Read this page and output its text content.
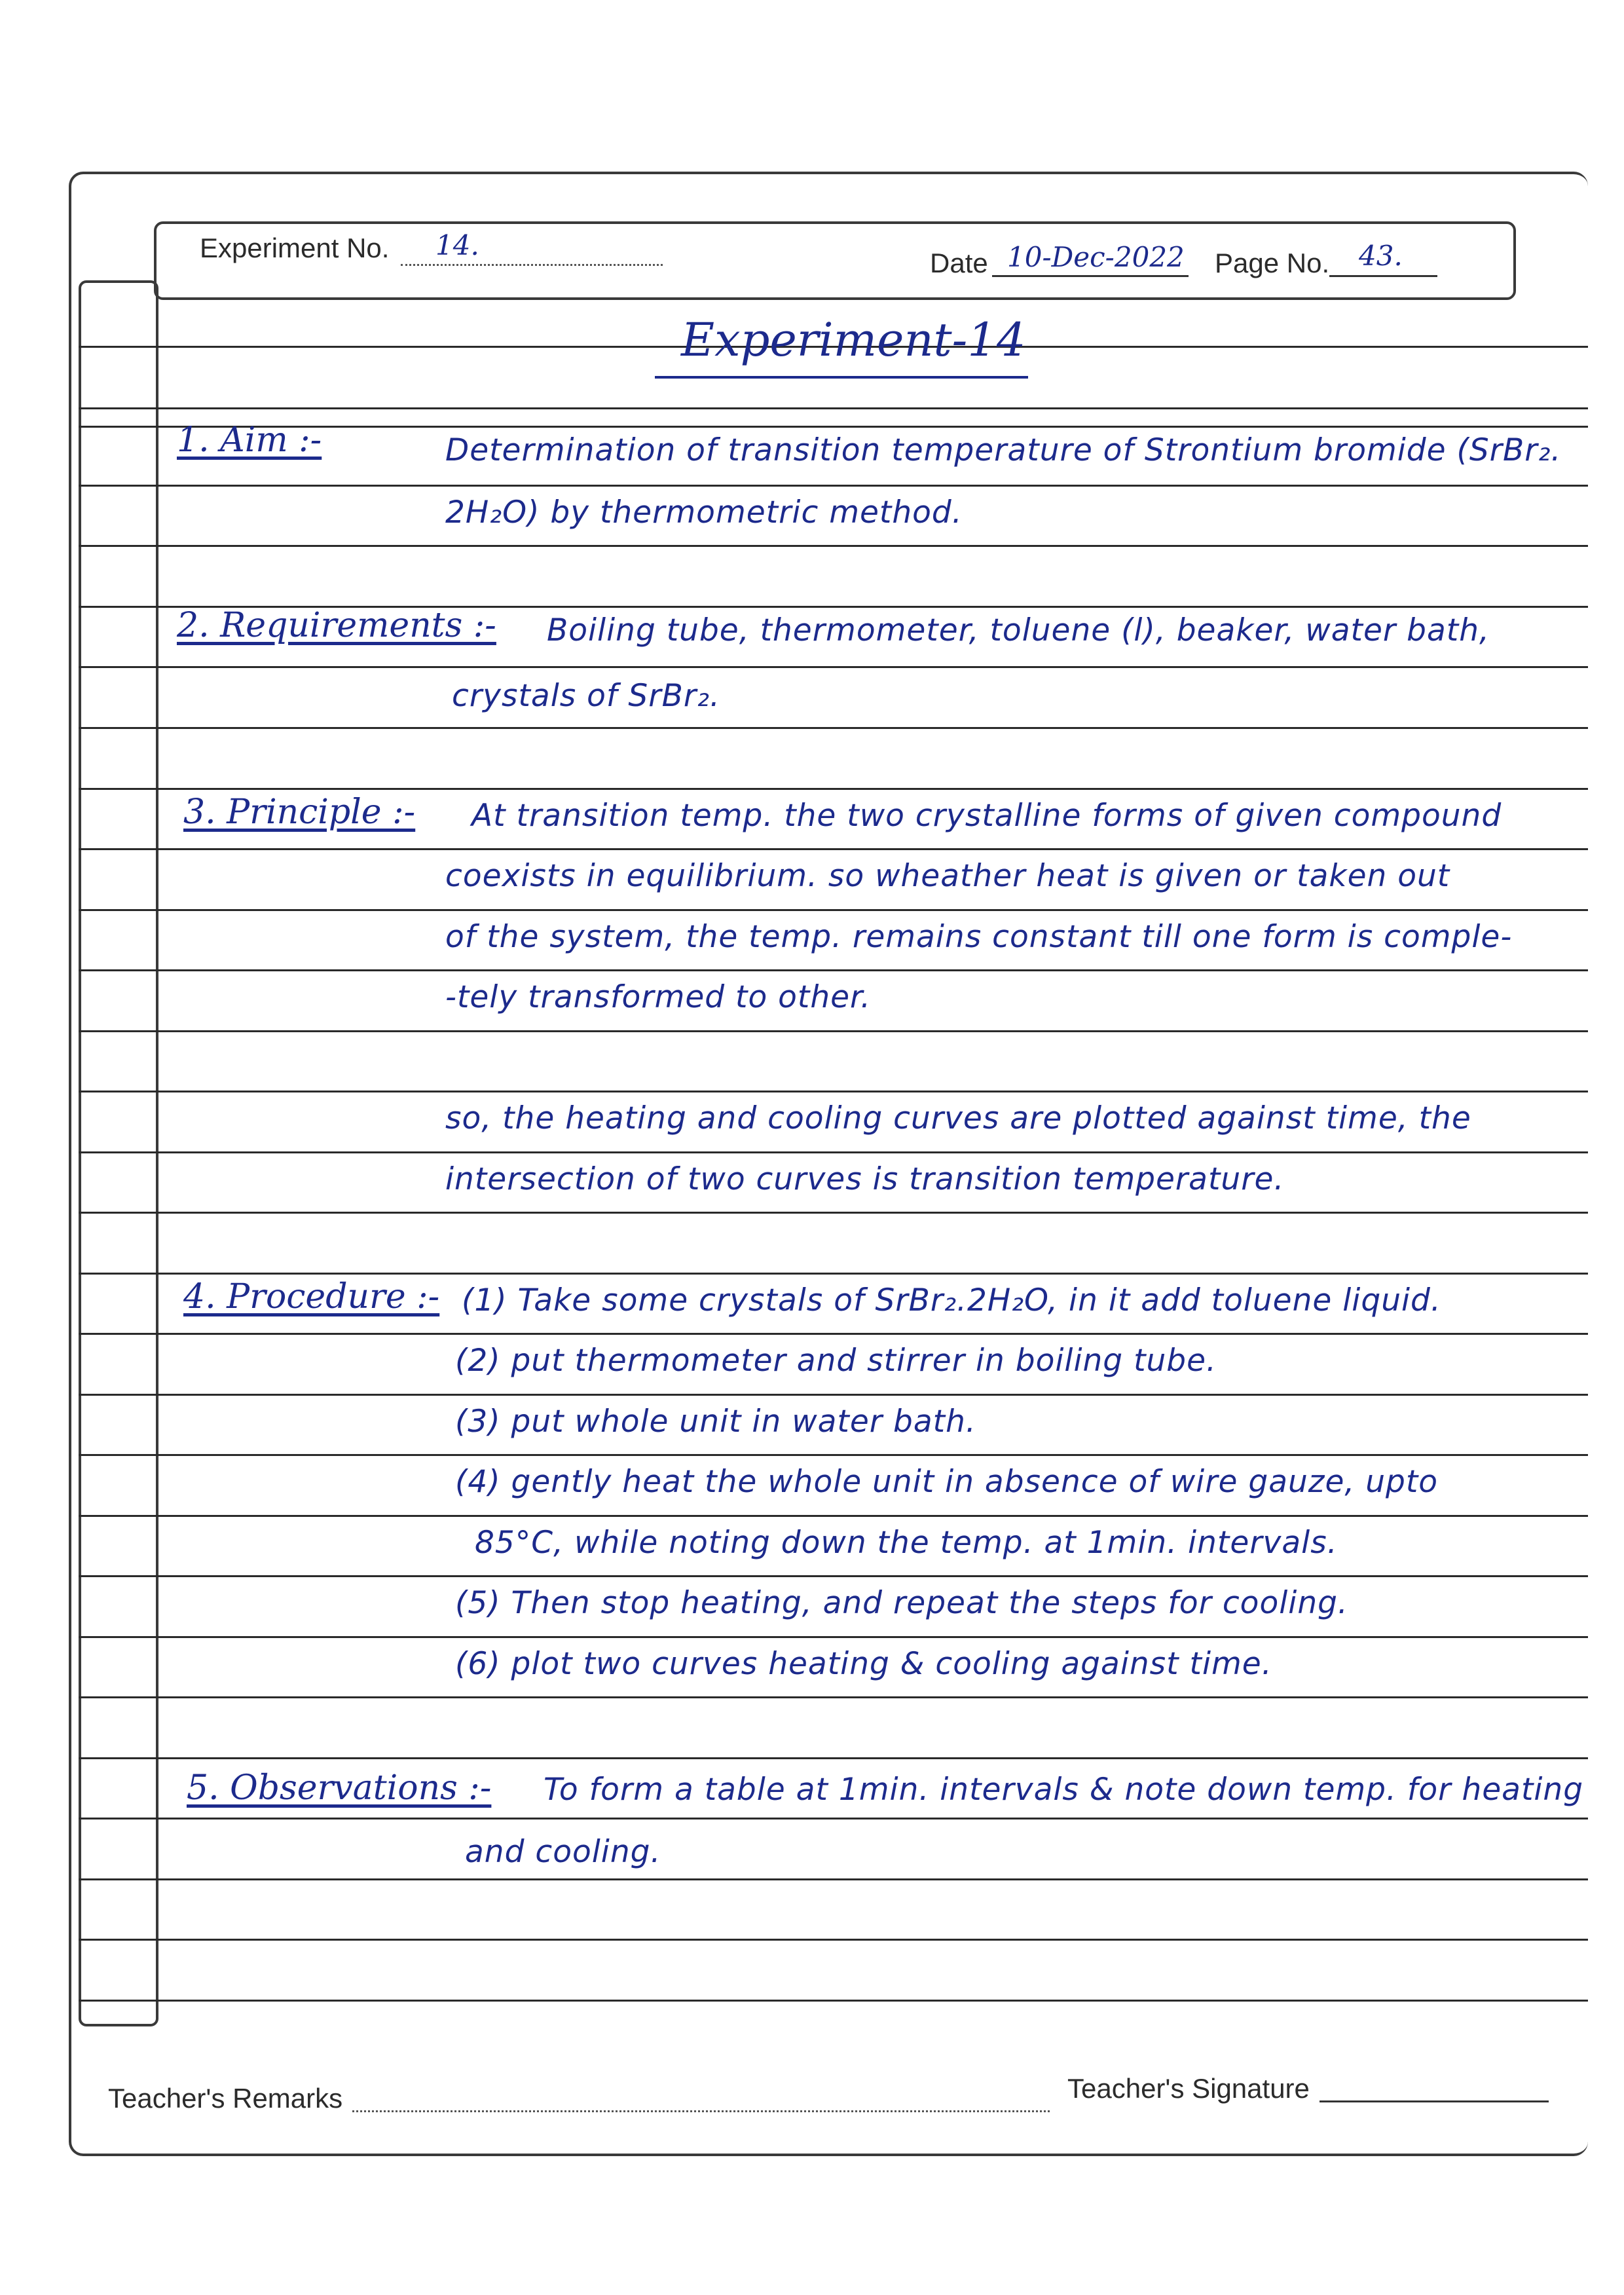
Experiment No. 14.
Date 10-Dec-2022 Page No. 43.
Experiment-14
1. Aim :-	Determination of transition temperature of Strontium bromide (SrBr₂.
2H₂O) by thermometric method.
2. Requirements :- Boiling tube, thermometer, toluene (l), beaker, water bath,
crystals of SrBr₂.
3. Principle :- At transition temp. the two crystalline forms of given compound
coexists in equilibrium. so wheather heat is given or taken out
of the system, the temp. remains constant till one form is comple-
-tely transformed to other.
so, the heating and cooling curves are plotted against time, the
intersection of two curves is transition temperature.
4. Procedure :- (1) Take some crystals of SrBr₂.2H₂O, in it add toluene liquid.
(2) put thermometer and stirrer in boiling tube.
(3) put whole unit in water bath.
(4) gently heat the whole unit in absence of wire gauze, upto
85°C, while noting down the temp. at 1min. intervals.
(5) Then stop heating, and repeat the steps for cooling.
(6) plot two curves heating & cooling against time.
5. Observations :- To form a table at 1min. intervals & note down temp. for heating
and cooling.
Teacher's Remarks	Teacher's Signature
